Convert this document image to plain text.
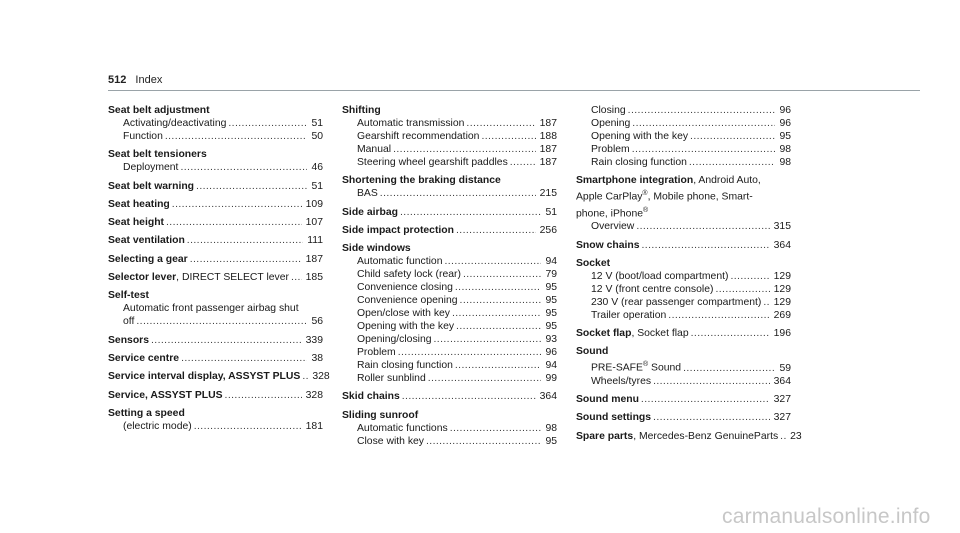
512 Index
Seat belt adjustment
Activating/deactivating .....	51
Function .....	50
Seat belt tensioners
Deployment .....	46
Seat belt warning .....	51
Seat heating .....	109
Seat height .....	107
Seat ventilation .....	111
Selecting a gear .....	187
Selector lever, DIRECT SELECT lever ..... 185
Self-test
Automatic front passenger airbag shut
off .....	56
Sensors .....	339
Service centre .....	38
Service interval display, ASSYST PLUS ..... 328
Service, ASSYST PLUS .....	328
Setting a speed
(electric mode) .....	181
Shifting
Automatic transmission .....	187
Gearshift recommendation .....	188
Manual .....	187
Steering wheel gearshift paddles .....	187
Shortening the braking distance
BAS .....	215
Side airbag .....	51
Side impact protection .....	256
Side windows
Automatic function .....	94
Child safety lock (rear) .....	79
Convenience closing .....	95
Convenience opening .....	95
Open/close with key .....	95
Opening with the key .....	95
Opening/closing .....	93
Problem .....	96
Rain closing function .....	94
Roller sunblind .....	99
Skid chains .....	364
Sliding sunroof
Automatic functions .....	98
Close with key .....	95
Closing .....	96
Opening .....	96
Opening with the key .....	95
Problem .....	98
Rain closing function .....	98
Smartphone integration, Android Auto,
Apple CarPlay®, Mobile phone, Smart-
phone, iPhone®
Overview .....	315
Snow chains .....	364
Socket
12 V (boot/load compartment) .....	129
12 V (front centre console) .....	129
230 V (rear passenger compartment) ..... 129
Trailer operation .....	269
Socket flap, Socket flap .....	196
Sound
PRE-SAFE® Sound .....	59
Wheels/tyres .....	364
Sound menu .....	327
Sound settings .....	327
Spare parts, Mercedes-Benz GenuineParts ..... 23
carmanualsonline.info
